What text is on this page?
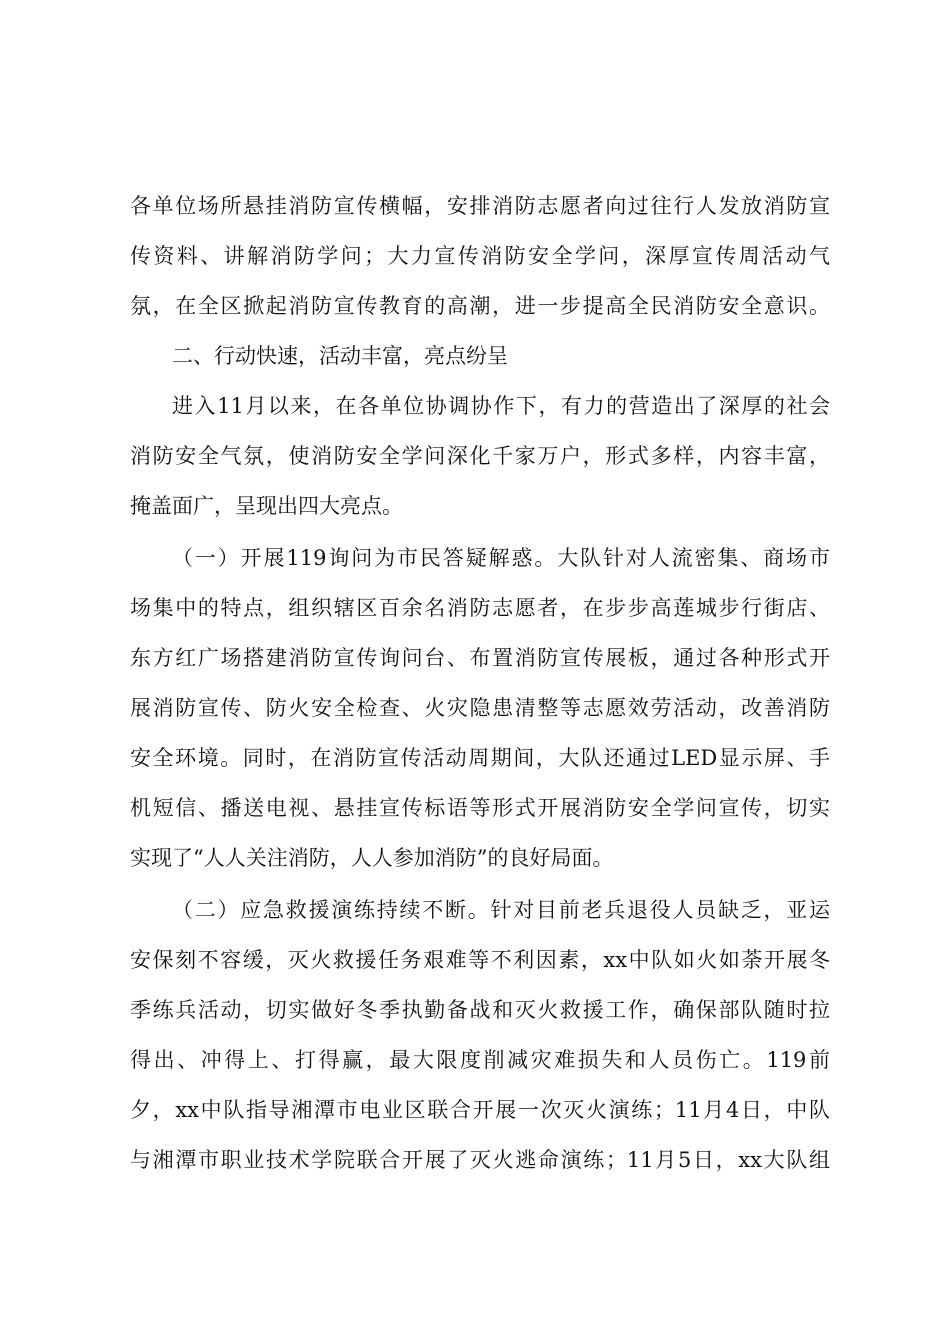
各单位场所悬挂消防宣传横幅，安排消防志愿者向过往行人发放消防宣
传资料、讲解消防学问；大力宣传消防安全学问，深厚宣传周活动气
氛，在全区掀起消防宣传教育的高潮，进一步提高全民消防安全意识。
二、行动快速，活动丰富，亮点纷呈
进入11月以来，在各单位协调协作下，有力的营造出了深厚的社会
消防安全气氛，使消防安全学问深化千家万户，形式多样，内容丰富，
掩盖面广，呈现出四大亮点。
（一）开展119询问为市民答疑解惑。大队针对人流密集、商场市
场集中的特点，组织辖区百余名消防志愿者，在步步高莲城步行街店、
东方红广场搭建消防宣传询问台、布置消防宣传展板，通过各种形式开
展消防宣传、防火安全检查、火灾隐患清整等志愿效劳活动，改善消防
安全环境。同时，在消防宣传活动周期间，大队还通过LED显示屏、手
机短信、播送电视、悬挂宣传标语等形式开展消防安全学问宣传，切实
实现了“人人关注消防，人人参加消防”的良好局面。
（二）应急救援演练持续不断。针对目前老兵退役人员缺乏，亚运
安保刻不容缓，灭火救援任务艰难等不利因素，xx中队如火如荼开展冬
季练兵活动，切实做好冬季执勤备战和灭火救援工作，确保部队随时拉
得出、冲得上、打得赢，最大限度削减灾难损失和人员伤亡。119前
夕，xx中队指导湘潭市电业区联合开展一次灭火演练；11月4日，中队
与湘潭市职业技术学院联合开展了灭火逃命演练；11月5日，xx大队组
